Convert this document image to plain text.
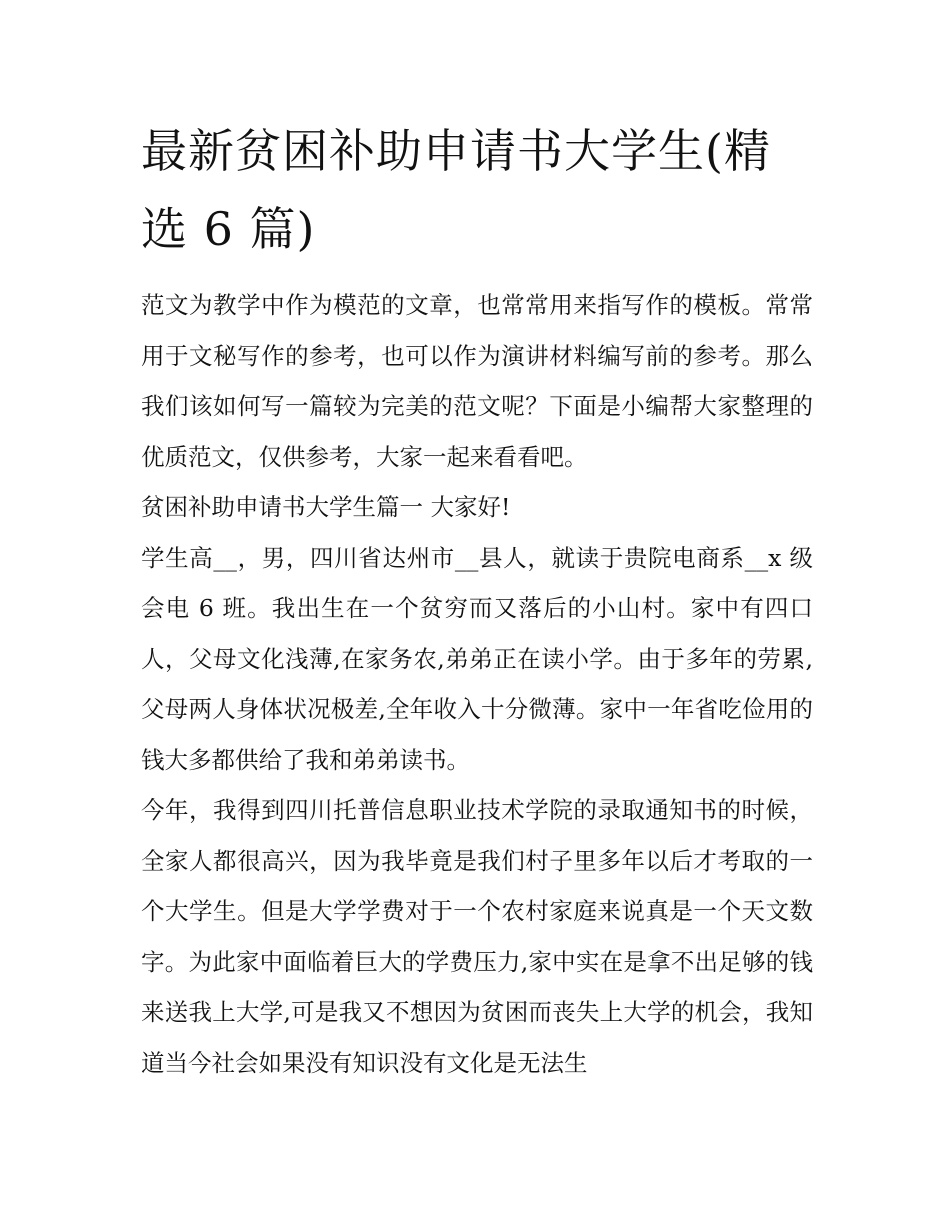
最新贫困补助申请书大学生(精选 6 篇)

范文为教学中作为模范的文章，也常常用来指写作的模板。常常用于文秘写作的参考，也可以作为演讲材料编写前的参考。那么我们该如何写一篇较为完美的范文呢？下面是小编帮大家整理的优质范文，仅供参考，大家一起来看看吧。

贫困补助申请书大学生篇一 大家好!

学生高__，男，四川省达州市__县人，就读于贵院电商系__x 级会电 6 班。我出生在一个贫穷而又落后的小山村。家中有四口人，父母文化浅薄,在家务农,弟弟正在读小学。由于多年的劳累,父母两人身体状况极差,全年收入十分微薄。家中一年省吃俭用的钱大多都供给了我和弟弟读书。

今年，我得到四川托普信息职业技术学院的录取通知书的时候，全家人都很高兴，因为我毕竟是我们村子里多年以后才考取的一个大学生。但是大学学费对于一个农村家庭来说真是一个天文数字。为此家中面临着巨大的学费压力,家中实在是拿不出足够的钱来送我上大学,可是我又不想因为贫困而丧失上大学的机会，我知道当今社会如果没有知识没有文化是无法生
